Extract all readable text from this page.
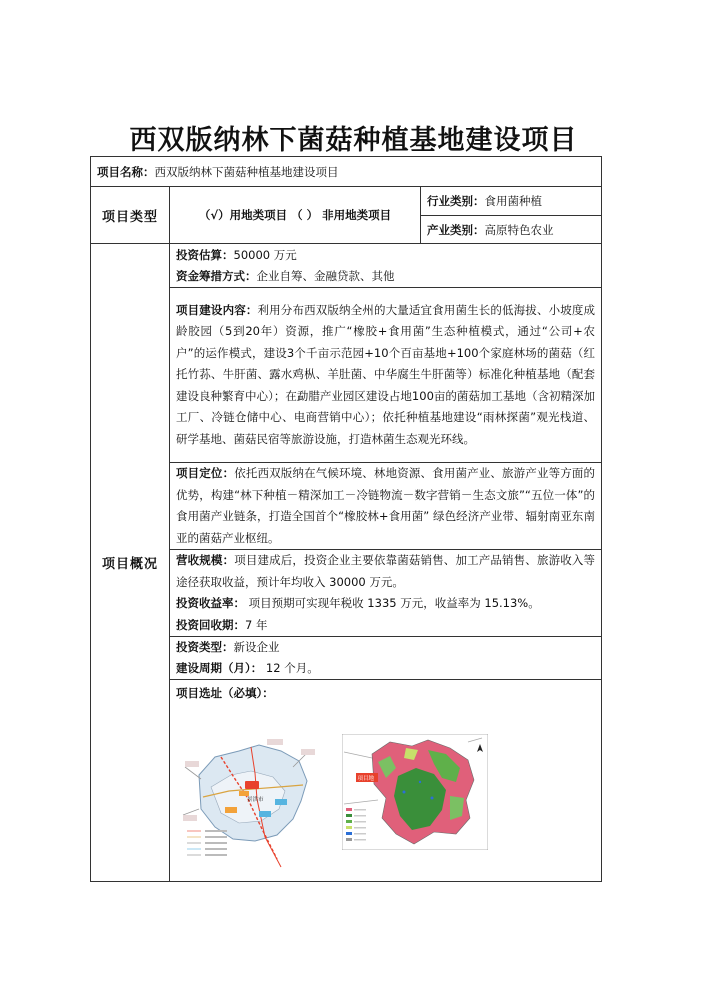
西双版纳林下菌菇种植基地建设项目
项目名称：西双版纳林下菌菇种植基地建设项目		
项目类型	（√）用地类项目 （ ） 非用地类项目	行业类别：食用菌种植
		产业类别：高原特色农业
项目概况	投资估算：50000 万元
资金筹措方式：企业自筹、金融贷款、其他	

	项目建设内容：利用分布西双版纳全州的大量适宜食用菌生长的低海拔、小坡度成龄胶园（5到20年）资源，推广“橡胶+食用菌”生态种植模式，通过“公司+农户”的运作模式，建设3个千亩示范园+10个百亩基地+100个家庭林场的菌菇（红托竹荪、牛肝菌、露水鸡枞、羊肚菌、中华腐生牛肝菌等）标准化种植基地（配套建设良种繁育中心）；在勐腊产业园区建设占地100亩的菌菇加工基地（含初精深加工厂、冷链仓储中心、电商营销中心）；依托种植基地建设“雨林探菌”观光栈道、研学基地、菌菇民宿等旅游设施，打造林菌生态观光环线。	
	项目定位：依托西双版纳在气候环境、林地资源、食用菌产业、旅游产业等方面的优势，构建“林下种植－精深加工－冷链物流－数字营销－生态文旅”“五位一体”的食用菌产业链条，打造全国首个“橡胶林+食用菌” 绿色经济产业带、辐射南亚东南亚的菌菇产业枢纽。	

	营收规模：项目建成后，投资企业主要依靠菌菇销售、加工产品销售、旅游收入等途径获取收益，预计年均收入 30000 万元。
投资收益率： 项目预期可实现年税收 1335 万元，收益率为 15.13%。
投资回收期：7 年	

	投资类型：新设企业
建设周期（月）： 12 个月。	

	项目选址（必填）：
景洪市
项目地	
